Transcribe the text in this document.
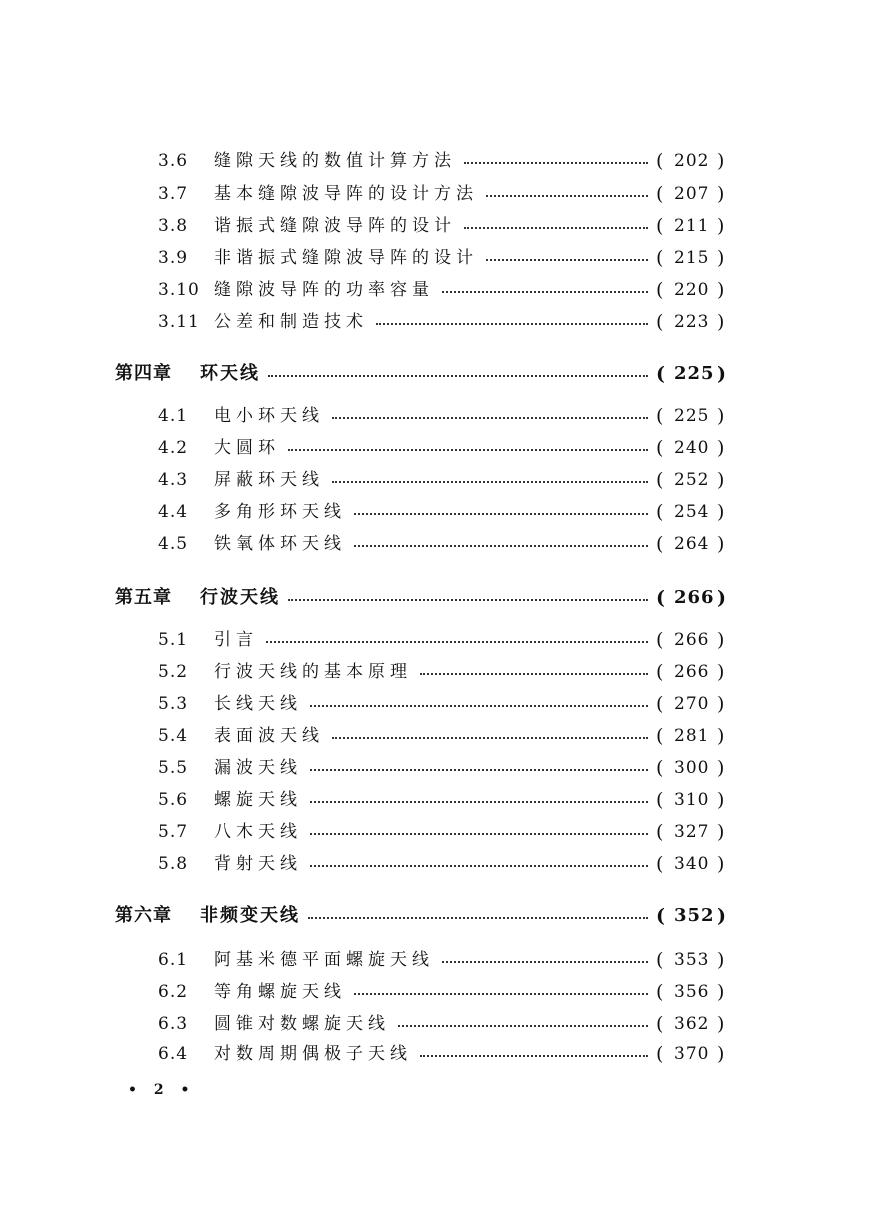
3.6 缝隙天线的数值计算方法	( 202 )
3.7 基本缝隙波导阵的设计方法	( 207 )
3.8 谐振式缝隙波导阵的设计	( 211 )
3.9 非谐振式缝隙波导阵的设计	( 215 )
3.10 缝隙波导阵的功率容量	( 220 )
3.11 公差和制造技术	( 223 )
第四章 环天线	( 225 )
4.1 电小环天线	( 225 )
4.2 大圆环	( 240 )
4.3 屏蔽环天线	( 252 )
4.4 多角形环天线	( 254 )
4.5 铁氧体环天线	( 264 )
第五章 行波天线	( 266 )
5.1 引言	( 266 )
5.2 行波天线的基本原理	( 266 )
5.3 长线天线	( 270 )
5.4 表面波天线	( 281 )
5.5 漏波天线	( 300 )
5.6 螺旋天线	( 310 )
5.7 八木天线	( 327 )
5.8 背射天线	( 340 )
第六章 非频变天线	( 352 )
6.1 阿基米德平面螺旋天线	( 353 )
6.2 等角螺旋天线	( 356 )
6.3 圆锥对数螺旋天线	( 362 )
6.4 对数周期偶极子天线	( 370 )
• 2 •
